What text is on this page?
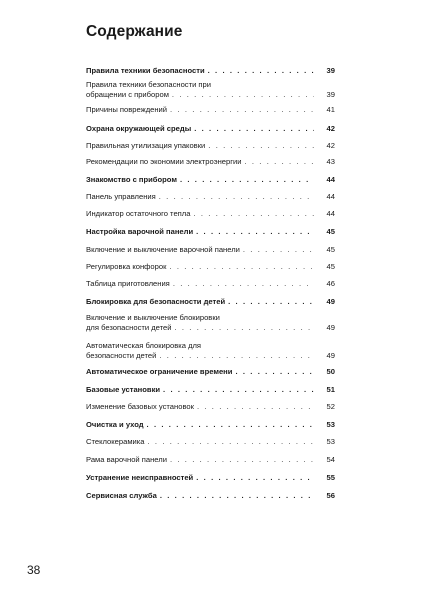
Содержание
Правила техники безопасности . . .	39
Правила техники безопасности при
обращении с прибором . . .	39
Причины повреждений . . .	41
Охрана окружающей среды . . .	42
Правильная утилизация упаковки . . .	42
Рекомендации по экономии электроэнергии . . .	43
Знакомство с прибором . . .	44
Панель управления . . .	44
Индикатор остаточного тепла . . .	44
Настройка варочной панели . . .	45
Включение и выключение варочной панели . . .	45
Регулировка конфорок . . .	45
Таблица приготовления . . .	46
Блокировка для безопасности детей . . .	49
Включение и выключение блокировки
для безопасности детей . . .	49
Автоматическая блокировка для
безопасности детей . . .	49
Автоматическое ограничение времени . . .	50
Базовые установки . . .	51
Изменение базовых установок . . .	52
Очистка и уход . . .	53
Стеклокерамика . . .	53
Рама варочной панели . . .	54
Устранение неисправностей . . .	55
Сервисная служба . . .	56

38
